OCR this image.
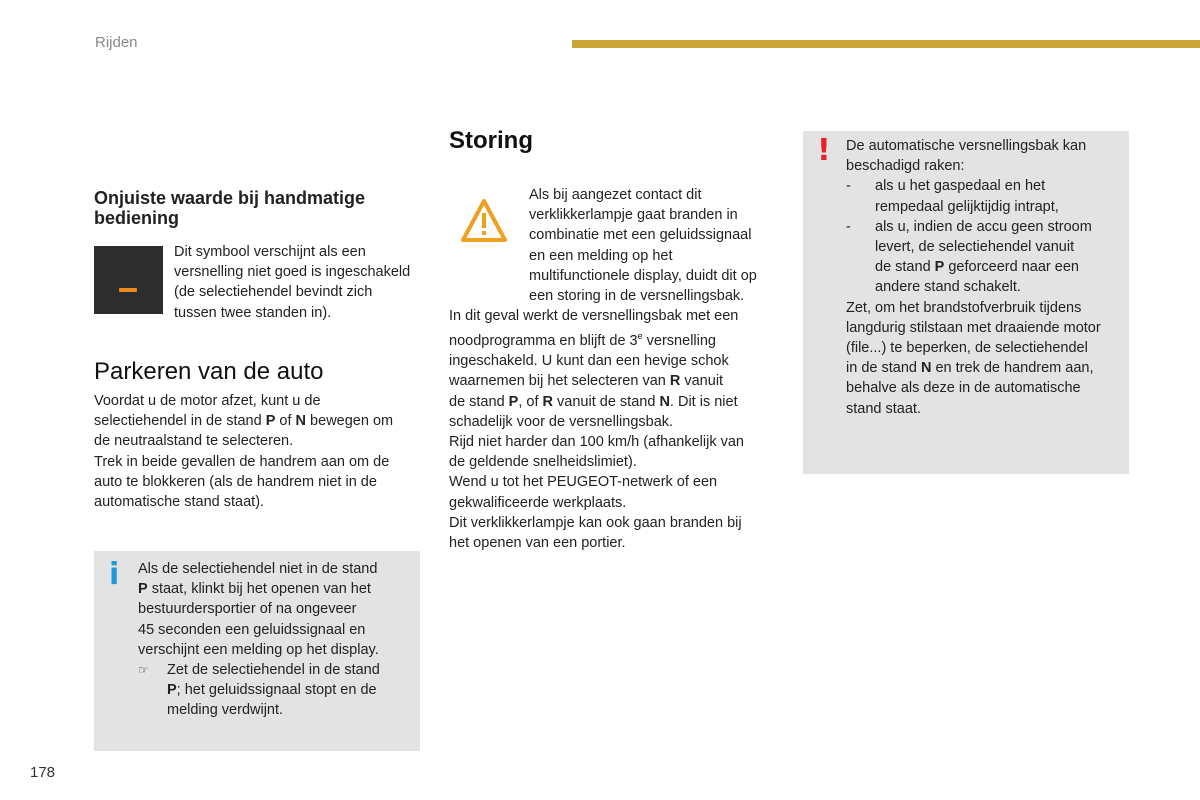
Rijden
Onjuiste waarde bij handmatige bediening

Dit symbool verschijnt als een

versnelling niet goed is ingeschakeld

(de selectiehendel bevindt zich

tussen twee standen in).

Parkeren van de auto

Voordat u de motor afzet, kunt u de

selectiehendel in de stand P of N bewegen om

de neutraalstand te selecteren.

Trek in beide gevallen de handrem aan om de

auto te blokkeren (als de handrem niet in de

automatische stand staat).

i Als de selectiehendel niet in de stand

P staat, klinkt bij het openen van het

bestuurdersportier of na ongeveer

45 seconden een geluidssignaal en

verschijnt een melding op het display.

☞ Zet de selectiehendel in de stand

P; het geluidssignaal stopt en de

melding verdwijnt.

Storing

Als bij aangezet contact dit

verklikkerlampje gaat branden in

combinatie met een geluidssignaal

en een melding op het

multifunctionele display, duidt dit op

een storing in de versnellingsbak.

In dit geval werkt de versnellingsbak met een

noodprogramma en blijft de 3e versnelling

ingeschakeld. U kunt dan een hevige schok

waarnemen bij het selecteren van R vanuit

de stand P, of R vanuit de stand N. Dit is niet

schadelijk voor de versnellingsbak.

Rijd niet harder dan 100 km/h (afhankelijk van

de geldende snelheidslimiet).

Wend u tot het PEUGEOT-netwerk of een

gekwalificeerde werkplaats.

Dit verklikkerlampje kan ook gaan branden bij

het openen van een portier.

! De automatische versnellingsbak kan

beschadigd raken:

- als u het gaspedaal en het

rempedaal gelijktijdig intrapt,

- als u, indien de accu geen stroom

levert, de selectiehendel vanuit

de stand P geforceerd naar een

andere stand schakelt.

Zet, om het brandstofverbruik tijdens

langdurig stilstaan met draaiende motor

(file...) te beperken, de selectiehendel

in de stand N en trek de handrem aan,

behalve als deze in de automatische

stand staat.

178
